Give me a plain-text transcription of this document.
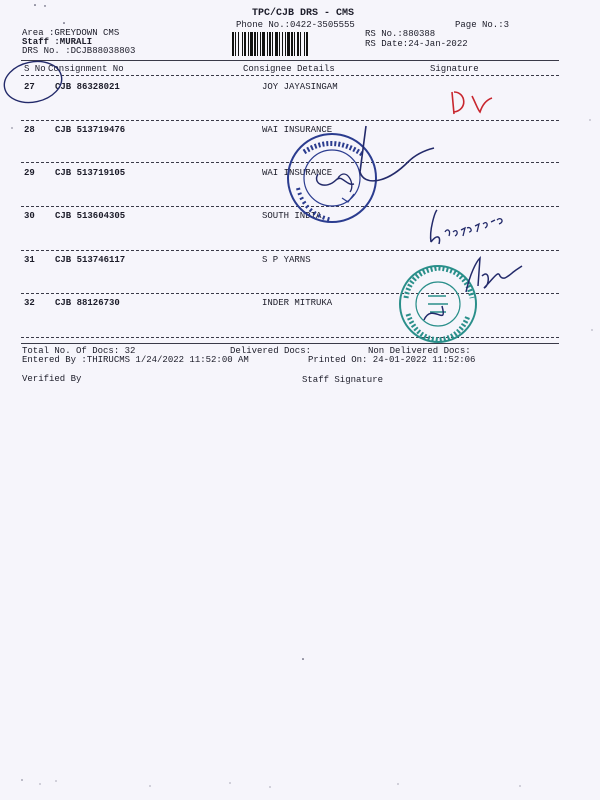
TPC/CJB DRS - CMS
Phone No.:0422-3505555	Page No.:3
Area :GREYDOWN CMS
Staff :MURALI
DRS No. :DCJB88038803
RS No.:880388
RS Date:24-Jan-2022
S No Consignment No	Consignee Details	Signature
27 CJB 86328021	JOY JAYASINGAM
28 CJB 513719476	WAI INSURANCE
29 CJB 513719105	WAI INSURANCE
30 CJB 513604305	SOUTH INDIA
31 CJB 513746117	S P YARNS
32 CJB 88126730	INDER MITRUKA
Total No. Of Docs: 32	Delivered Docs:	Non Delivered Docs:
Entered By :THIRUCMS 1/24/2022 11:52:00 AM	Printed On: 24-01-2022 11:52:06
Verified By	Staff Signature
